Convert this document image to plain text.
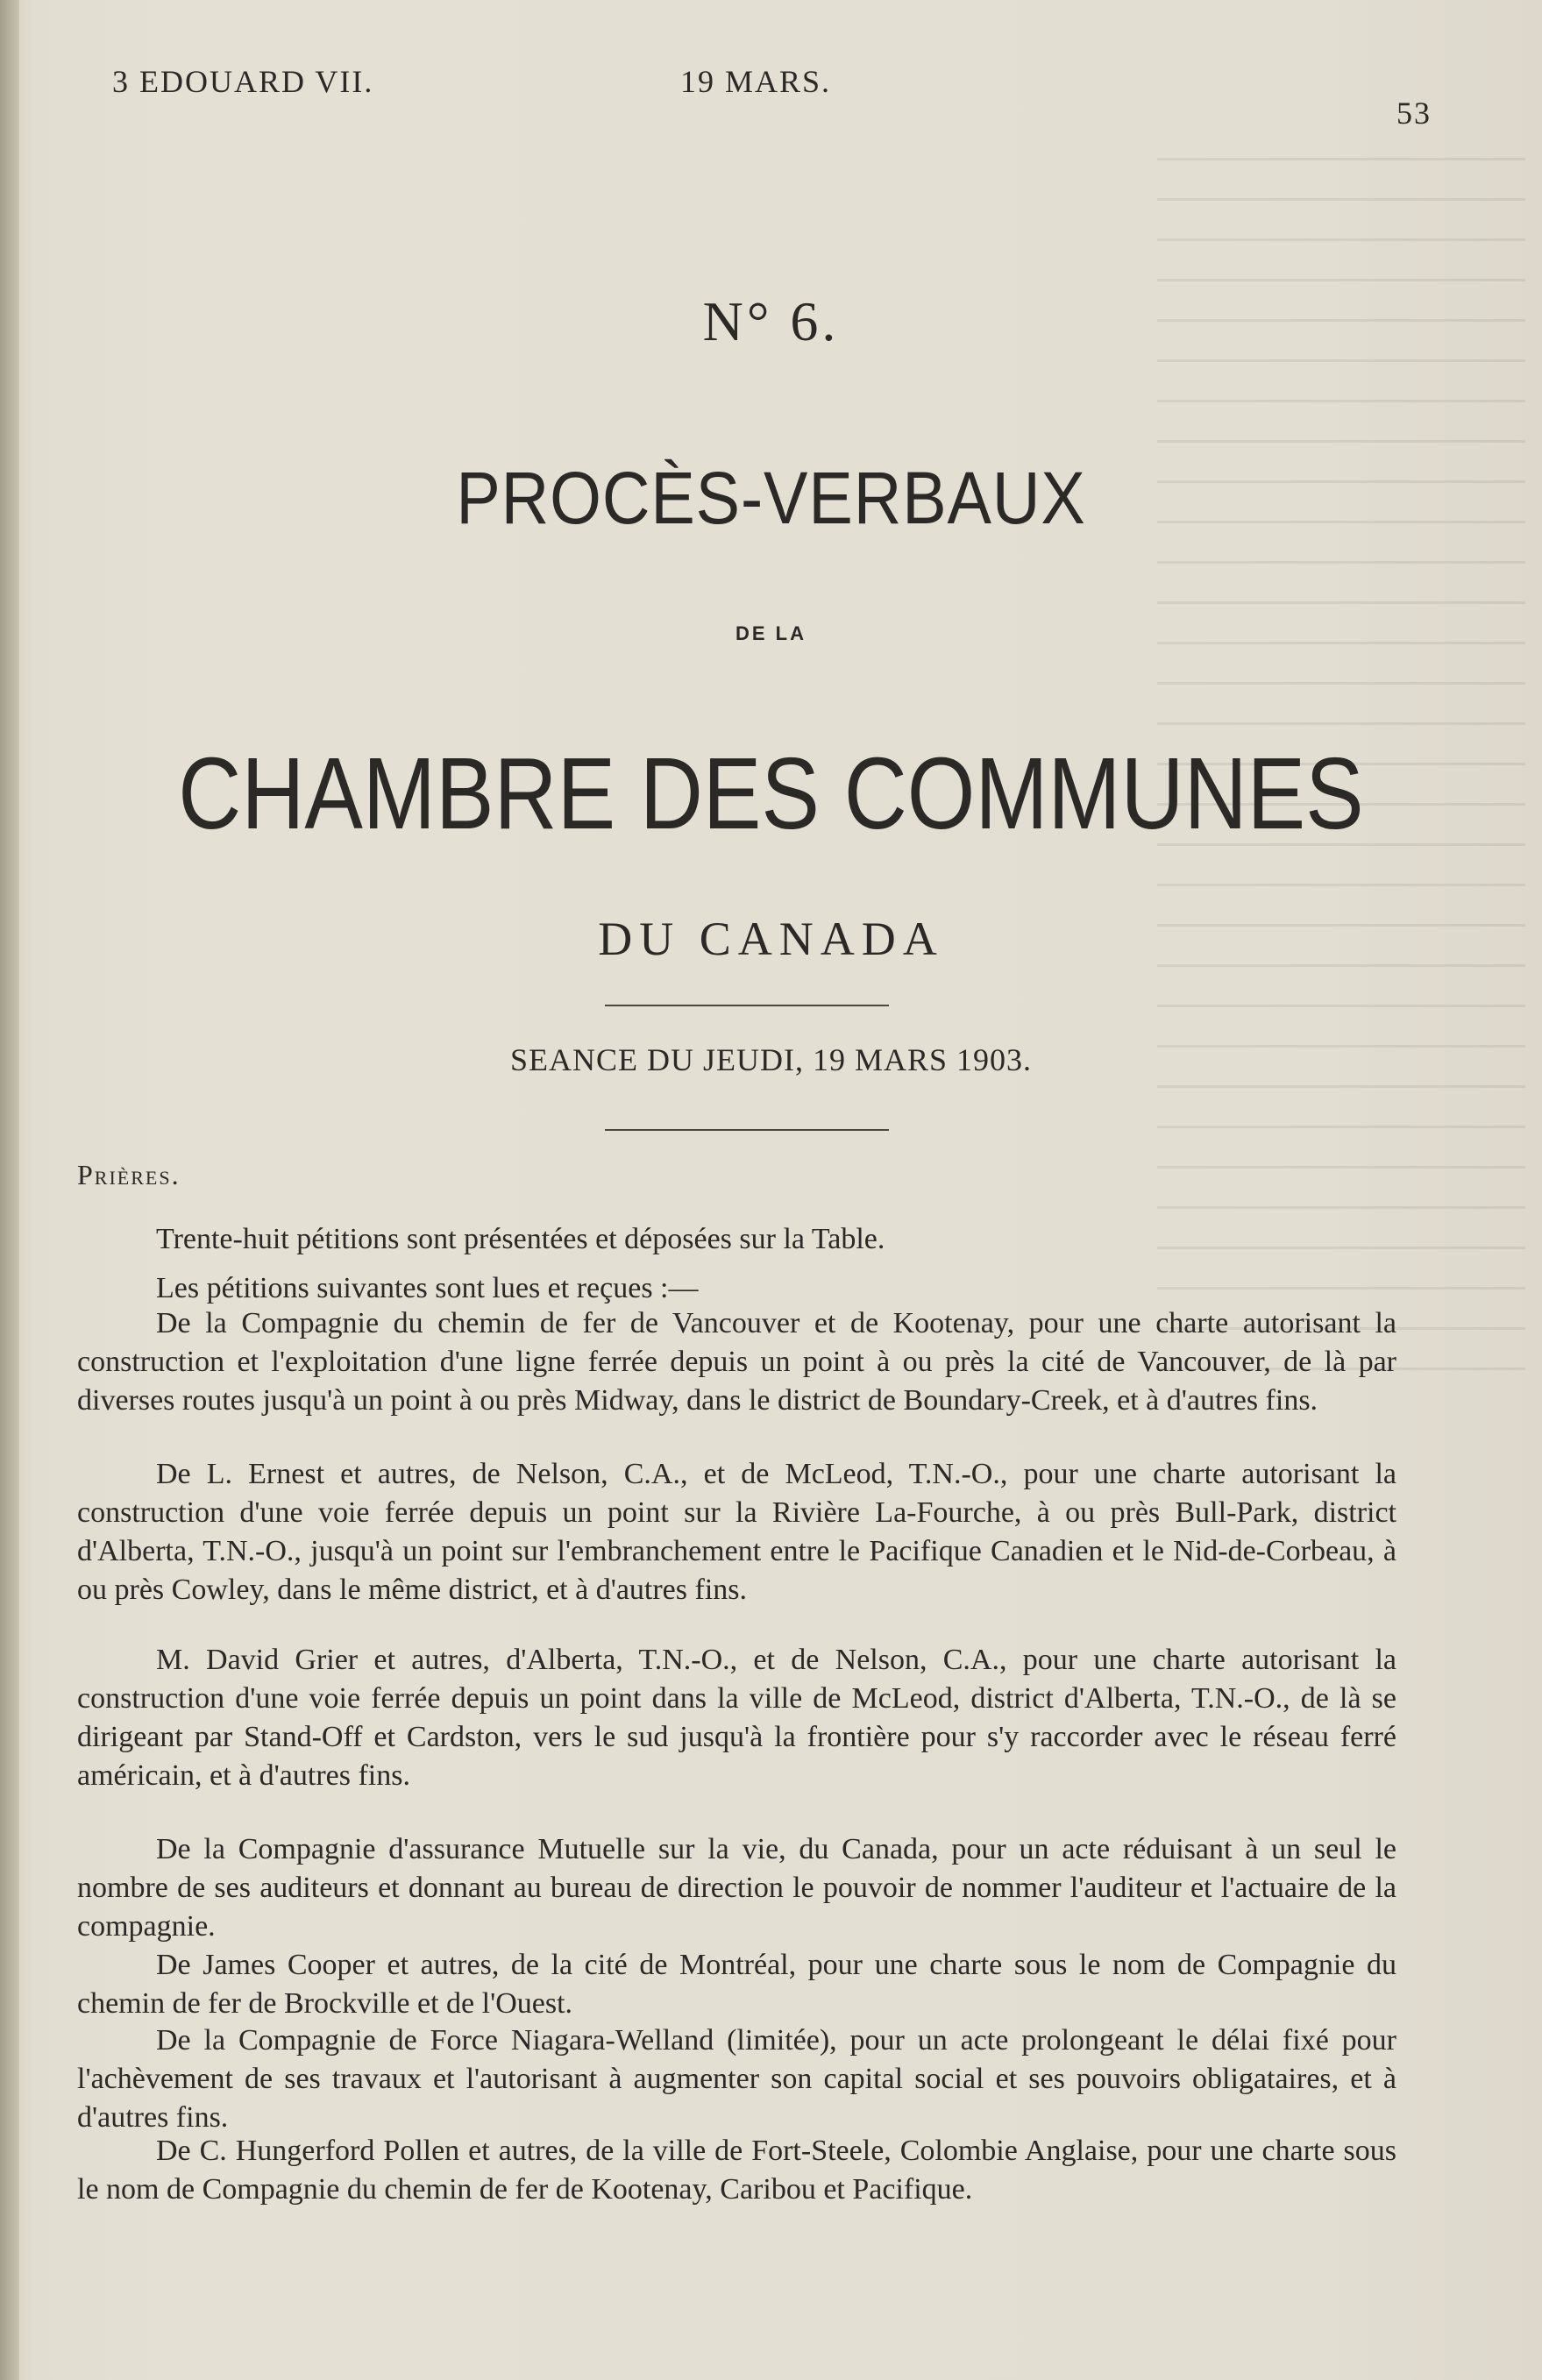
3 EDOUARD VII.	19 MARS.
53
N° 6.
PROCÈS-VERBAUX
DE LA
CHAMBRE DES COMMUNES
DU CANADA
SEANCE DU JEUDI, 19 MARS 1903.
Prières.
Trente-huit pétitions sont présentées et déposées sur la Table.
Les pétitions suivantes sont lues et reçues :—
De la Compagnie du chemin de fer de Vancouver et de Kootenay, pour une charte autorisant la construction et l'exploitation d'une ligne ferrée depuis un point à ou près la cité de Vancouver, de là par diverses routes jusqu'à un point à ou près Midway, dans le district de Boundary-Creek, et à d'autres fins.
De L. Ernest et autres, de Nelson, C.A., et de McLeod, T.N.-O., pour une charte autorisant la construction d'une voie ferrée depuis un point sur la Rivière La-Fourche, à ou près Bull-Park, district d'Alberta, T.N.-O., jusqu'à un point sur l'embranchement entre le Pacifique Canadien et le Nid-de-Corbeau, à ou près Cowley, dans le même district, et à d'autres fins.
M. David Grier et autres, d'Alberta, T.N.-O., et de Nelson, C.A., pour une charte autorisant la construction d'une voie ferrée depuis un point dans la ville de McLeod, district d'Alberta, T.N.-O., de là se dirigeant par Stand-Off et Cardston, vers le sud jusqu'à la frontière pour s'y raccorder avec le réseau ferré américain, et à d'autres fins.
De la Compagnie d'assurance Mutuelle sur la vie, du Canada, pour un acte réduisant à un seul le nombre de ses auditeurs et donnant au bureau de direction le pouvoir de nommer l'auditeur et l'actuaire de la compagnie.
De James Cooper et autres, de la cité de Montréal, pour une charte sous le nom de Compagnie du chemin de fer de Brockville et de l'Ouest.
De la Compagnie de Force Niagara-Welland (limitée), pour un acte prolongeant le délai fixé pour l'achèvement de ses travaux et l'autorisant à augmenter son capital social et ses pouvoirs obligataires, et à d'autres fins.
De C. Hungerford Pollen et autres, de la ville de Fort-Steele, Colombie Anglaise, pour une charte sous le nom de Compagnie du chemin de fer de Kootenay, Caribou et Pacifique.
